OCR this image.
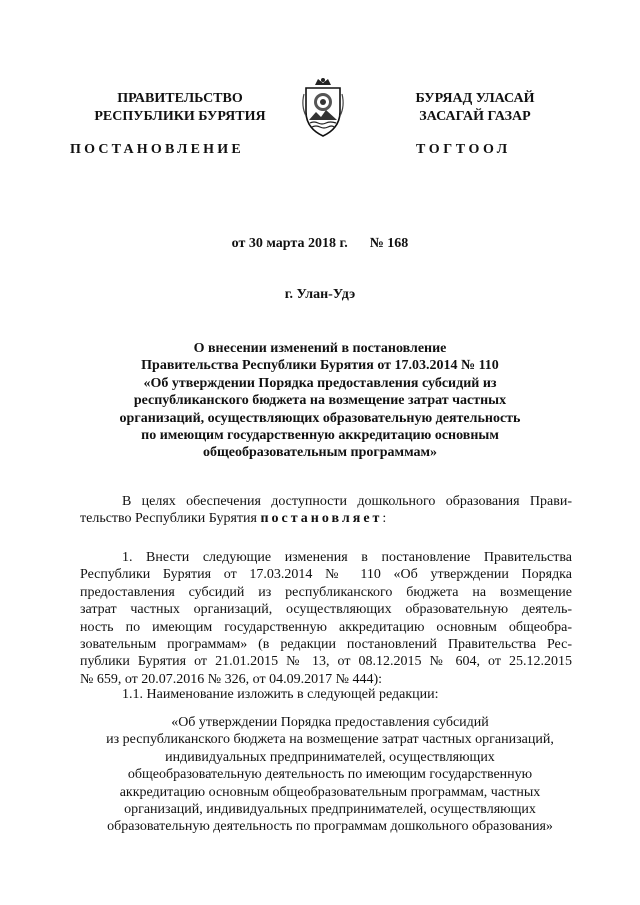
ПРАВИТЕЛЬСТВО
РЕСПУБЛИКИ БУРЯТИЯ
БУРЯАД УЛАСАЙ
ЗАСАГАЙ ГАЗАР
ПОСТАНОВЛЕНИЕ	ТОГТООЛ
от 30 марта 2018 г. № 168
г. Улан-Удэ
О внесении изменений в постановление
Правительства Республики Бурятия от 17.03.2014 № 110
«Об утверждении Порядка предоставления субсидий из
республиканского бюджета на возмещение затрат частных
организаций, осуществляющих образовательную деятельность
по имеющим государственную аккредитацию основным
общеобразовательным программам»
В целях обеспечения доступности дошкольного образования Прави-
тельство Республики Бурятия постановляет:
1. Внести следующие изменения в постановление Правительства
Республики Бурятия от 17.03.2014 № 110 «Об утверждении Порядка
предоставления субсидий из республиканского бюджета на возмещение
затрат частных организаций, осуществляющих образовательную деятель-
ность по имеющим государственную аккредитацию основным общеобра-
зовательным программам» (в редакции постановлений Правительства Рес-
публики Бурятия от 21.01.2015 № 13, от 08.12.2015 № 604, от 25.12.2015
№ 659, от 20.07.2016 № 326, от 04.09.2017 № 444):
1.1. Наименование изложить в следующей редакции:
«Об утверждении Порядка предоставления субсидий
из республиканского бюджета на возмещение затрат частных организаций,
индивидуальных предпринимателей, осуществляющих
общеобразовательную деятельность по имеющим государственную
аккредитацию основным общеобразовательным программам, частных
организаций, индивидуальных предпринимателей, осуществляющих
образовательную деятельность по программам дошкольного образования»
